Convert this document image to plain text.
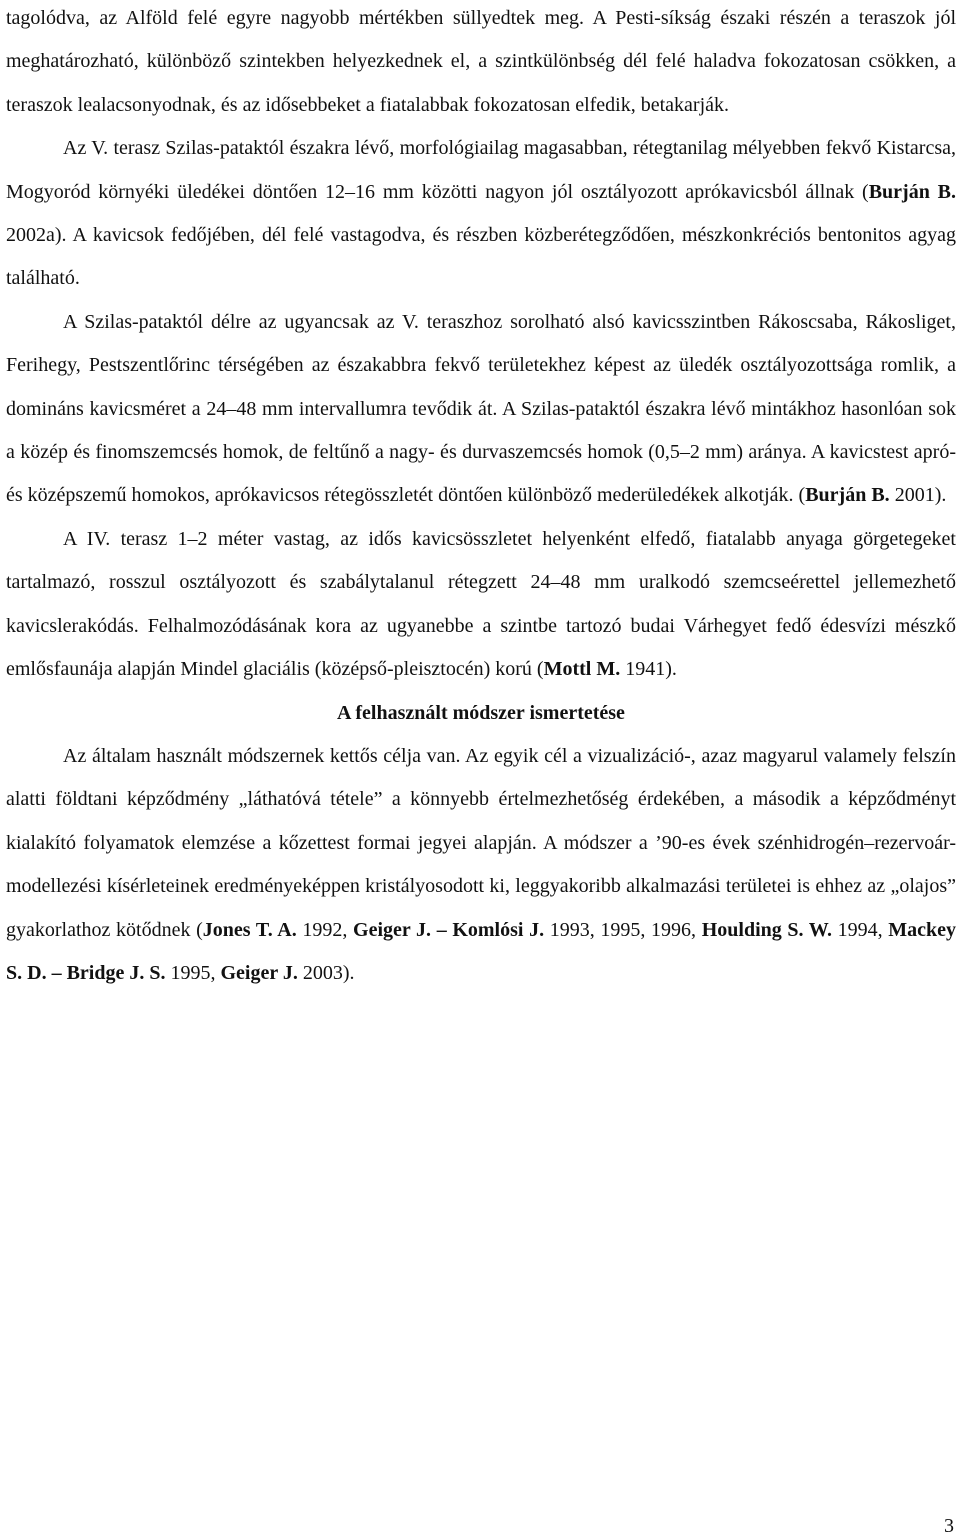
tagolódva, az Alföld felé egyre nagyobb mértékben süllyedtek meg. A Pesti-síkság északi részén a teraszok jól meghatározható, különböző szintekben helyezkednek el, a szintkülönbség dél felé haladva fokozatosan csökken, a teraszok lealacsonyodnak, és az idősebbeket a fiatalabbak fokozatosan elfedik, betakarják.

Az V. terasz Szilas-pataktól északra lévő, morfológiailag magasabban, rétegtanilag mélyebben fekvő Kistarcsa, Mogyoród környéki üledékei döntően 12–16 mm közötti nagyon jól osztályozott aprókavicsból állnak (Burján B. 2002a). A kavicsok fedőjében, dél felé vastagodva, és részben közberétegződően, mészkonkréciós bentonitos agyag található.

A Szilas-pataktól délre az ugyancsak az V. teraszhoz sorolható alsó kavicsszintben Rákoscsaba, Rákosliget, Ferihegy, Pestszentlőrinc térségében az északabbra fekvő területekhez képest az üledék osztályozottsága romlik, a domináns kavicsméret a 24–48 mm intervallumra tevődik át. A Szilas-pataktól északra lévő mintákhoz hasonlóan sok a közép és finomszemcsés homok, de feltűnő a nagy- és durvaszemcsés homok (0,5–2 mm) aránya. A kavicstest apró- és középszemű homokos, aprókavicsos rétegösszletét döntően különböző mederüledékek alkotják. (Burján B. 2001).

A IV. terasz 1–2 méter vastag, az idős kavicsösszletet helyenként elfedő, fiatalabb anyaga görgetegeket tartalmazó, rosszul osztályozott és szabálytalanul rétegzett 24–48 mm uralkodó szemcseérettel jellemezhető kavicslerakódás. Felhalmozódásának kora az ugyanebbe a szintbe tartozó budai Várhegyet fedő édesvízi mészkő emlősfaunája alapján Mindel glaciális (középső-pleisztocén) korú (Mottl M. 1941).

A felhasznált módszer ismertetése

Az általam használt módszernek kettős célja van. Az egyik cél a vizualizáció-, azaz magyarul valamely felszín alatti földtani képződmény „láthatóvá tétele” a könnyebb értelmezhetőség érdekében, a második a képződményt kialakító folyamatok elemzése a kőzettest formai jegyei alapján. A módszer a ’90-es évek szénhidrogén–rezervoár-modellezési kísérleteinek eredményeképpen kristályosodott ki, leggyakoribb alkalmazási területei is ehhez az „olajos” gyakorlathoz kötődnek (Jones T. A. 1992, Geiger J. – Komlósi J. 1993, 1995, 1996, Houlding S. W. 1994, Mackey S. D. – Bridge J. S. 1995, Geiger J. 2003).

3
